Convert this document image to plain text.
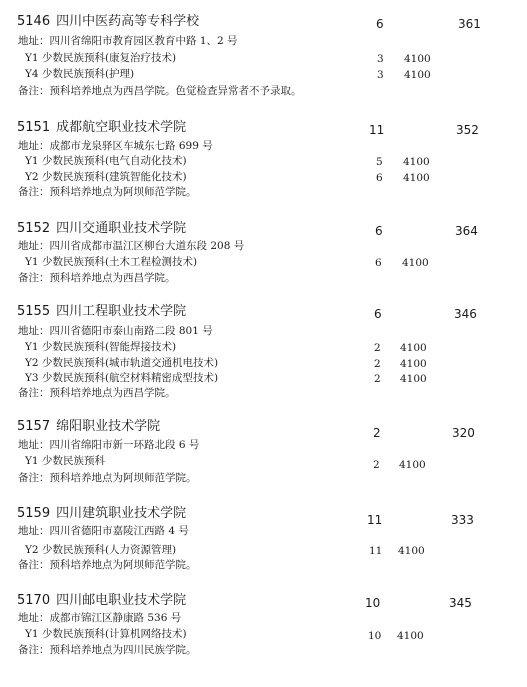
5146 四川中医药高等专科学校	6	361
地址：四川省绵阳市教育园区教育中路 1、2 号
Y1 少数民族预科(康复治疗技术)	3 4100
Y4 少数民族预科(护理)	3 4100
备注：预科培养地点为西昌学院。色觉检查异常者不予录取。
5151 成都航空职业技术学院	11	352
地址：成都市龙泉驿区车城东七路 699 号
Y1 少数民族预科(电气自动化技术)	5 4100
Y2 少数民族预科(建筑智能化技术)	6 4100
备注：预科培养地点为阿坝师范学院。
5152 四川交通职业技术学院	6	364
地址：四川省成都市温江区柳台大道东段 208 号
Y1 少数民族预科(土木工程检测技术)	6 4100
备注：预科培养地点为西昌学院。
5155 四川工程职业技术学院	6	346
地址：四川省德阳市泰山南路二段 801 号
Y1 少数民族预科(智能焊接技术)	2 4100
Y2 少数民族预科(城市轨道交通机电技术)	2 4100
Y3 少数民族预科(航空材料精密成型技术)	2 4100
备注：预科培养地点为西昌学院。
5157 绵阳职业技术学院	2	320
地址：四川省绵阳市新一环路北段 6 号
Y1 少数民族预科	2 4100
备注：预科培养地点为阿坝师范学院。
5159 四川建筑职业技术学院	11	333
地址：四川省德阳市嘉陵江西路 4 号
Y2 少数民族预科(人力资源管理)	11 4100
备注：预科培养地点为阿坝师范学院。
5170 四川邮电职业技术学院	10	345
地址：成都市锦江区静康路 536 号
Y1 少数民族预科(计算机网络技术)	10 4100
备注：预科培养地点为四川民族学院。
